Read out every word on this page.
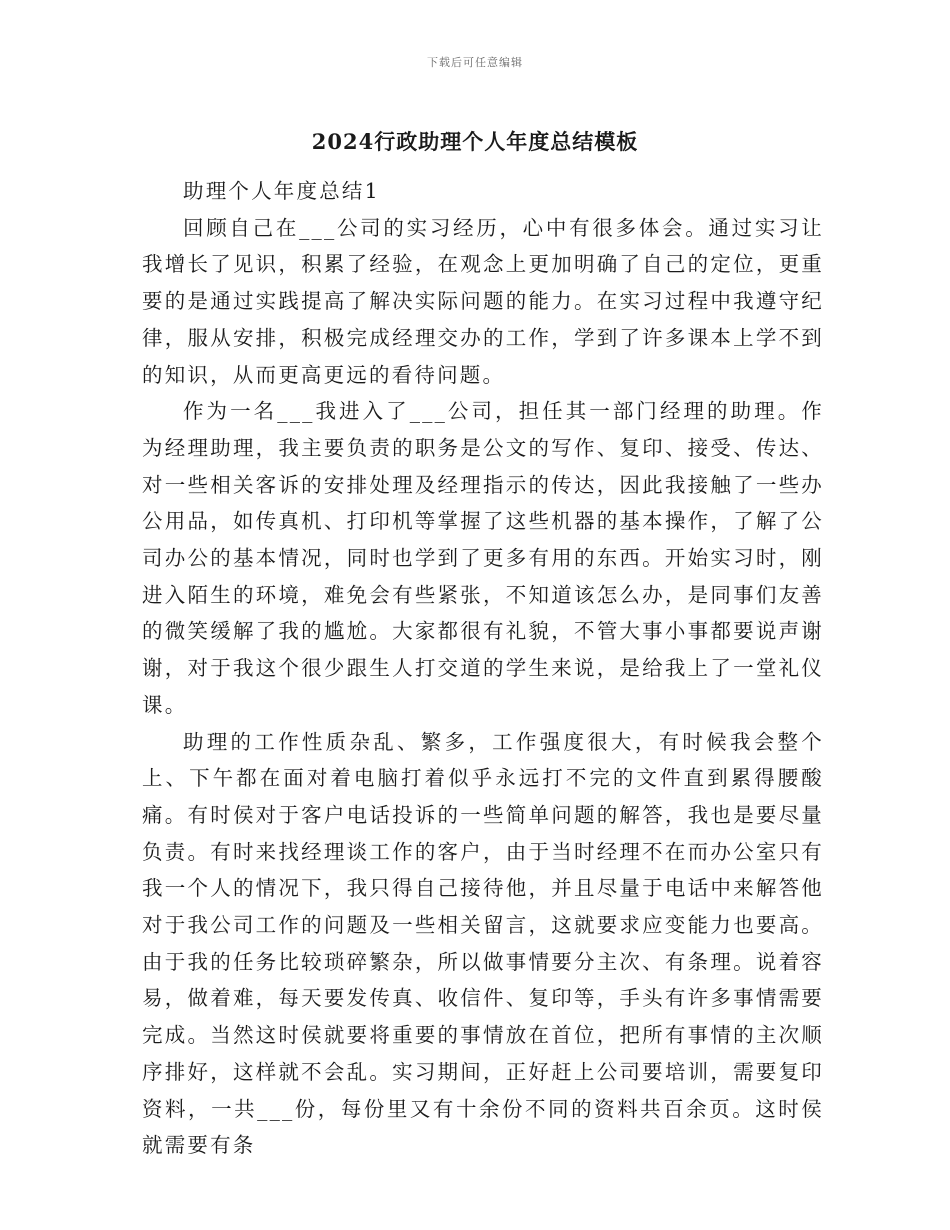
下载后可任意编辑
2024行政助理个人年度总结模板

助理个人年度总结1

回顾自己在___公司的实习经历，心中有很多体会。通过实习让我增长了见识，积累了经验，在观念上更加明确了自己的定位，更重要的是通过实践提高了解决实际问题的能力。在实习过程中我遵守纪律，服从安排，积极完成经理交办的工作，学到了许多课本上学不到的知识，从而更高更远的看待问题。

作为一名___我进入了___公司，担任其一部门经理的助理。作为经理助理，我主要负责的职务是公文的写作、复印、接受、传达、对一些相关客诉的安排处理及经理指示的传达，因此我接触了一些办公用品，如传真机、打印机等掌握了这些机器的基本操作，了解了公司办公的基本情况，同时也学到了更多有用的东西。开始实习时，刚进入陌生的环境，难免会有些紧张，不知道该怎么办，是同事们友善的微笑缓解了我的尴尬。大家都很有礼貌，不管大事小事都要说声谢谢，对于我这个很少跟生人打交道的学生来说，是给我上了一堂礼仪课。

助理的工作性质杂乱、繁多，工作强度很大，有时候我会整个上、下午都在面对着电脑打着似乎永远打不完的文件直到累得腰酸痛。有时侯对于客户电话投诉的一些简单问题的解答，我也是要尽量负责。有时来找经理谈工作的客户，由于当时经理不在而办公室只有我一个人的情况下，我只得自己接待他，并且尽量于电话中来解答他对于我公司工作的问题及一些相关留言，这就要求应变能力也要高。由于我的任务比较琐碎繁杂，所以做事情要分主次、有条理。说着容易，做着难，每天要发传真、收信件、复印等，手头有许多事情需要完成。当然这时侯就要将重要的事情放在首位，把所有事情的主次顺序排好，这样就不会乱。实习期间，正好赶上公司要培训，需要复印资料，一共___份，每份里又有十余份不同的资料共百余页。这时侯就需要有条
